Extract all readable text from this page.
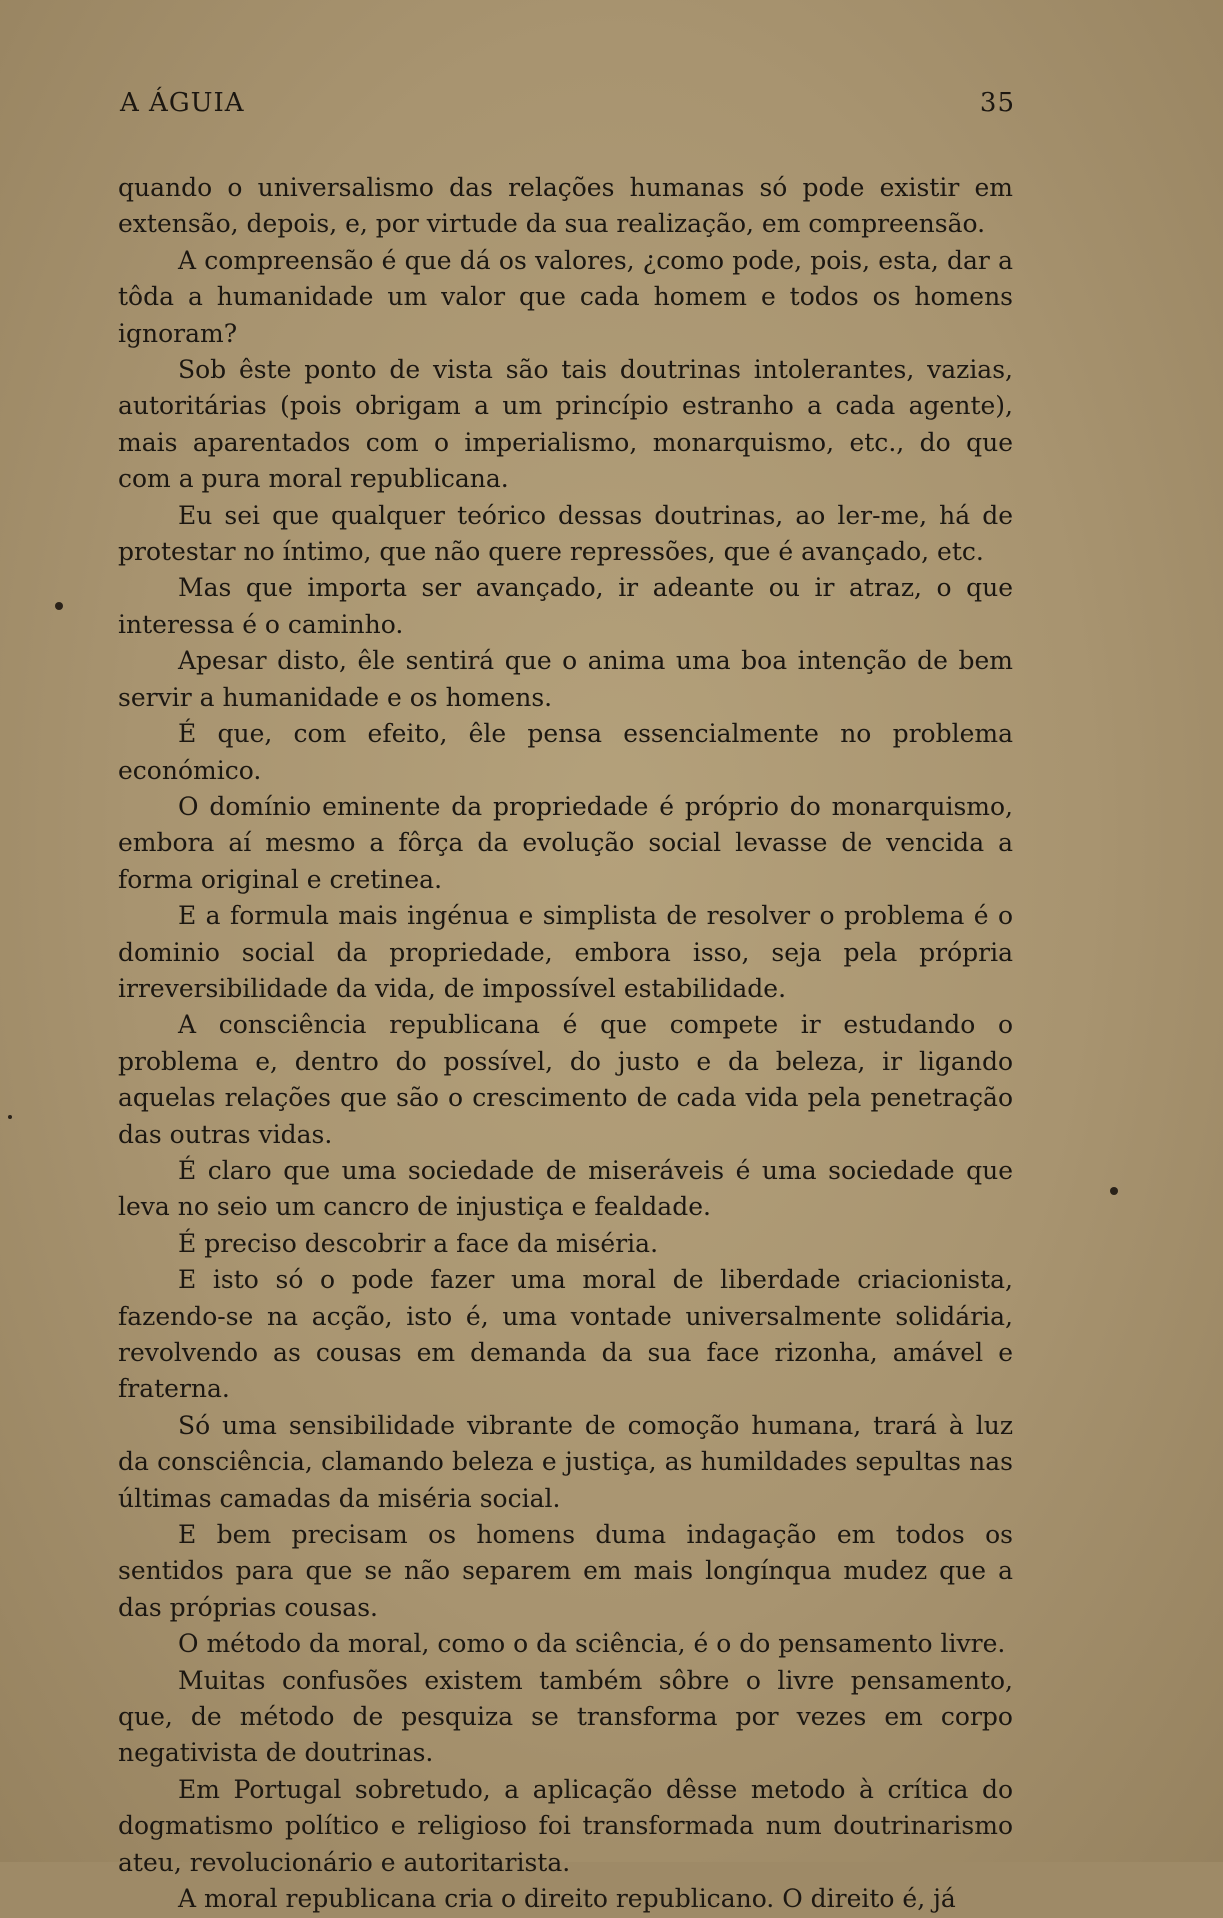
A ÁGUIA	35

quando o universalismo das relações humanas só pode existir em extensão, depois, e, por virtude da sua realização, em compreensão.

A compreensão é que dá os valores, ¿como pode, pois, esta, dar a tôda a humanidade um valor que cada homem e todos os homens ignoram?

Sob êste ponto de vista são tais doutrinas intolerantes, vazias, autoritárias (pois obrigam a um princípio estranho a cada agente), mais aparentados com o imperialismo, monarquismo, etc., do que com a pura moral republicana.

Eu sei que qualquer teórico dessas doutrinas, ao ler-me, há de protestar no íntimo, que não quere repressões, que é avançado, etc.

Mas que importa ser avançado, ir adeante ou ir atraz, o que interessa é o caminho.

Apesar disto, êle sentirá que o anima uma boa intenção de bem servir a humanidade e os homens.

É que, com efeito, êle pensa essencialmente no problema económico.

O domínio eminente da propriedade é próprio do monarquismo, embora aí mesmo a fôrça da evolução social levasse de vencida a forma original e cretinea.

E a formula mais ingénua e simplista de resolver o problema é o dominio social da propriedade, embora isso, seja pela própria irreversibilidade da vida, de impossível estabilidade.

A consciência republicana é que compete ir estudando o problema e, dentro do possível, do justo e da beleza, ir ligando aquelas relações que são o crescimento de cada vida pela penetração das outras vidas.

É claro que uma sociedade de miseráveis é uma sociedade que leva no seio um cancro de injustiça e fealdade.

É preciso descobrir a face da miséria.

E isto só o pode fazer uma moral de liberdade criacionista, fazendo-se na acção, isto é, uma vontade universalmente solidária, revolvendo as cousas em demanda da sua face rizonha, amável e fraterna.

Só uma sensibilidade vibrante de comoção humana, trará à luz da consciência, clamando beleza e justiça, as humildades sepultas nas últimas camadas da miséria social.

E bem precisam os homens duma indagação em todos os sentidos para que se não separem em mais longínqua mudez que a das próprias cousas.

O método da moral, como o da sciência, é o do pensamento livre.

Muitas confusões existem também sôbre o livre pensamento, que, de método de pesquiza se transforma por vezes em corpo negativista de doutrinas.

Em Portugal sobretudo, a aplicação dêsse metodo à crítica do dogmatismo político e religioso foi transformada num doutrinarismo ateu, revolucionário e autoritarista.

A moral republicana cria o direito republicano. O direito é, já
